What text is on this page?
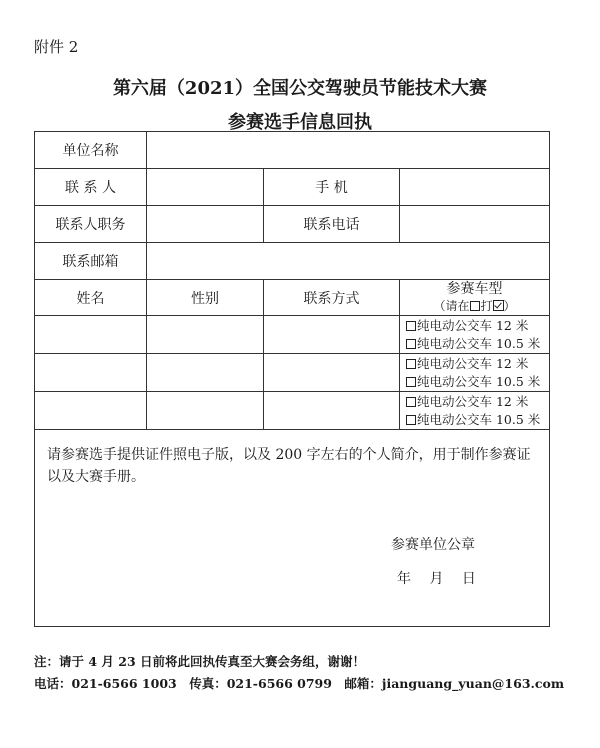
附件 2
第六届（2021）全国公交驾驶员节能技术大赛
参赛选手信息回执
单位名称			
联 系 人		手 机	
联系人职务		联系电话	
联系邮箱			
姓名	性别	联系方式	参赛车型
（请在 打 ）

			纯电动公交车 12 米
纯电动公交车 10.5 米

			纯电动公交车 12 米
纯电动公交车 10.5 米

			纯电动公交车 12 米
纯电动公交车 10.5 米

请参赛选手提供证件照电子版，以及 200 字左右的个人简介，用于制作参赛证以及大赛手册。
参赛单位公章
年 月 日			
注：请于 4 月 23 日前将此回执传真至大赛会务组，谢谢！
电话：021-6566 1003　传真：021-6566 0799　邮箱：jianguang_yuan@163.com
